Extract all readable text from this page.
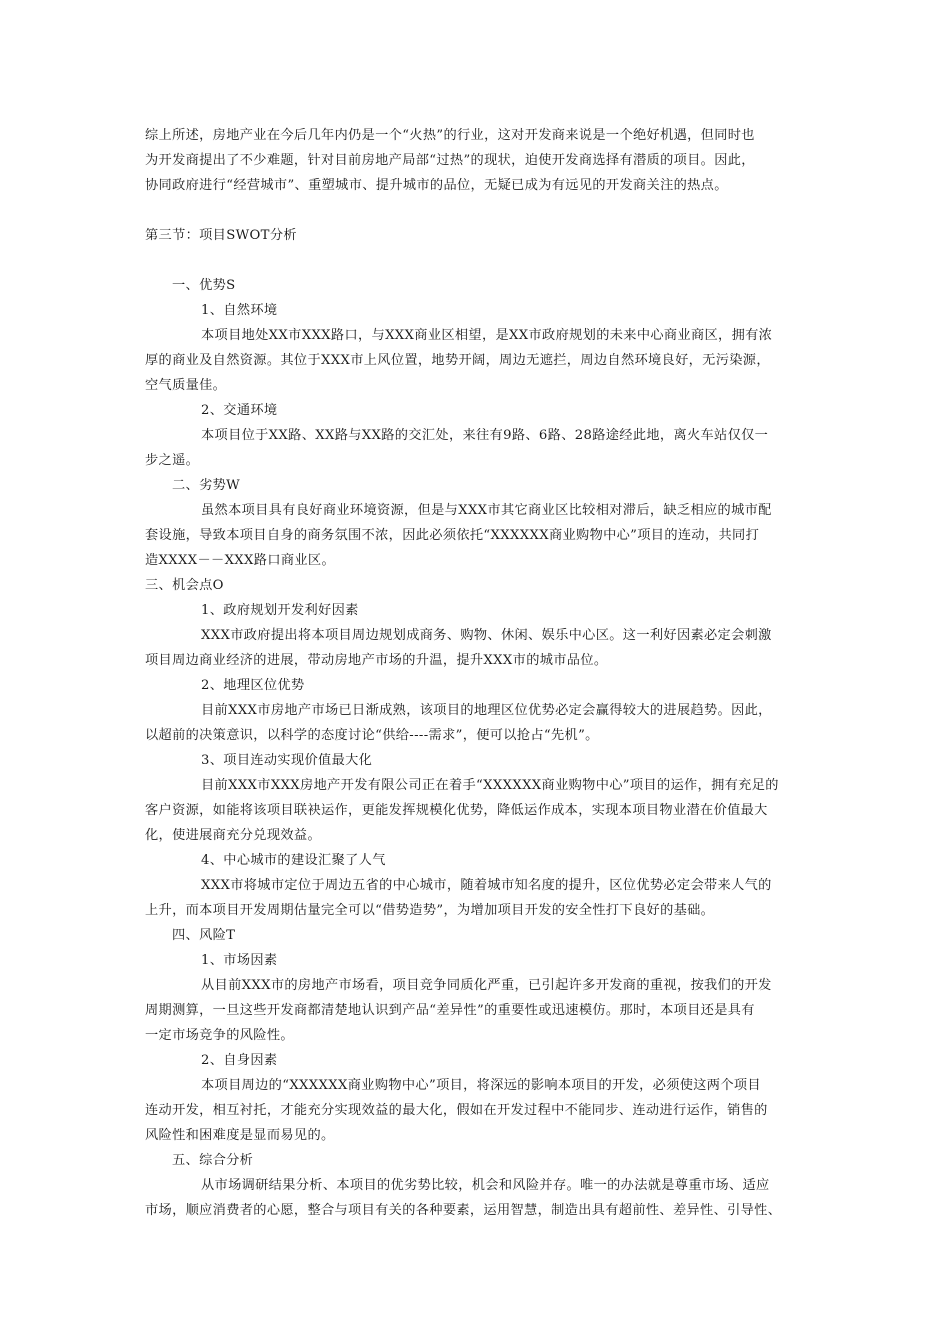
综上所述，房地产业在今后几年内仍是一个“火热”的行业，这对开发商来说是一个绝好机遇，但同时也
为开发商提出了不少难题，针对目前房地产局部“过热”的现状，迫使开发商选择有潜质的项目。因此，
协同政府进行“经营城市”、重塑城市、提升城市的品位，无疑已成为有远见的开发商关注的热点。
第三节：项目SWOT分析
一、优势S
1、自然环境
本项目地处XX市XXX路口，与XXX商业区相望，是XX市政府规划的未来中心商业商区，拥有浓
厚的商业及自然资源。其位于XXX市上风位置，地势开阔，周边无遮拦，周边自然环境良好，无污染源，
空气质量佳。
2、交通环境
本项目位于XX路、XX路与XX路的交汇处，来往有9路、6路、28路途经此地，离火车站仅仅一
步之遥。
二、劣势W
虽然本项目具有良好商业环境资源，但是与XXX市其它商业区比较相对滞后，缺乏相应的城市配
套设施，导致本项目自身的商务氛围不浓，因此必须依托“XXXXXX商业购物中心”项目的连动，共同打
造XXXX－－XXX路口商业区。
三、机会点O
1、政府规划开发利好因素
XXX市政府提出将本项目周边规划成商务、购物、休闲、娱乐中心区。这一利好因素必定会刺激
项目周边商业经济的进展，带动房地产市场的升温，提升XXX市的城市品位。
2、地理区位优势
目前XXX市房地产市场已日渐成熟，该项目的地理区位优势必定会赢得较大的进展趋势。因此，
以超前的决策意识，以科学的态度讨论“供给----需求”，便可以抢占“先机”。
3、项目连动实现价值最大化
目前XXX市XXX房地产开发有限公司正在着手“XXXXXX商业购物中心”项目的运作，拥有充足的
客户资源，如能将该项目联袂运作，更能发挥规模化优势，降低运作成本，实现本项目物业潜在价值最大
化，使进展商充分兑现效益。
4、中心城市的建设汇聚了人气
XXX市将城市定位于周边五省的中心城市，随着城市知名度的提升，区位优势必定会带来人气的
上升，而本项目开发周期估量完全可以“借势造势”，为增加项目开发的安全性打下良好的基础。
四、风险T
1、市场因素
从目前XXX市的房地产市场看，项目竞争同质化严重，已引起许多开发商的重视，按我们的开发
周期测算，一旦这些开发商都清楚地认识到产品“差异性”的重要性或迅速模仿。那时，本项目还是具有
一定市场竞争的风险性。
2、自身因素
本项目周边的“XXXXXX商业购物中心”项目，将深远的影响本项目的开发，必须使这两个项目
连动开发，相互衬托，才能充分实现效益的最大化，假如在开发过程中不能同步、连动进行运作，销售的
风险性和困难度是显而易见的。
五、综合分析
从市场调研结果分析、本项目的优劣势比较，机会和风险并存。唯一的办法就是尊重市场、适应
市场，顺应消费者的心愿，整合与项目有关的各种要素，运用智慧，制造出具有超前性、差异性、引导性、
